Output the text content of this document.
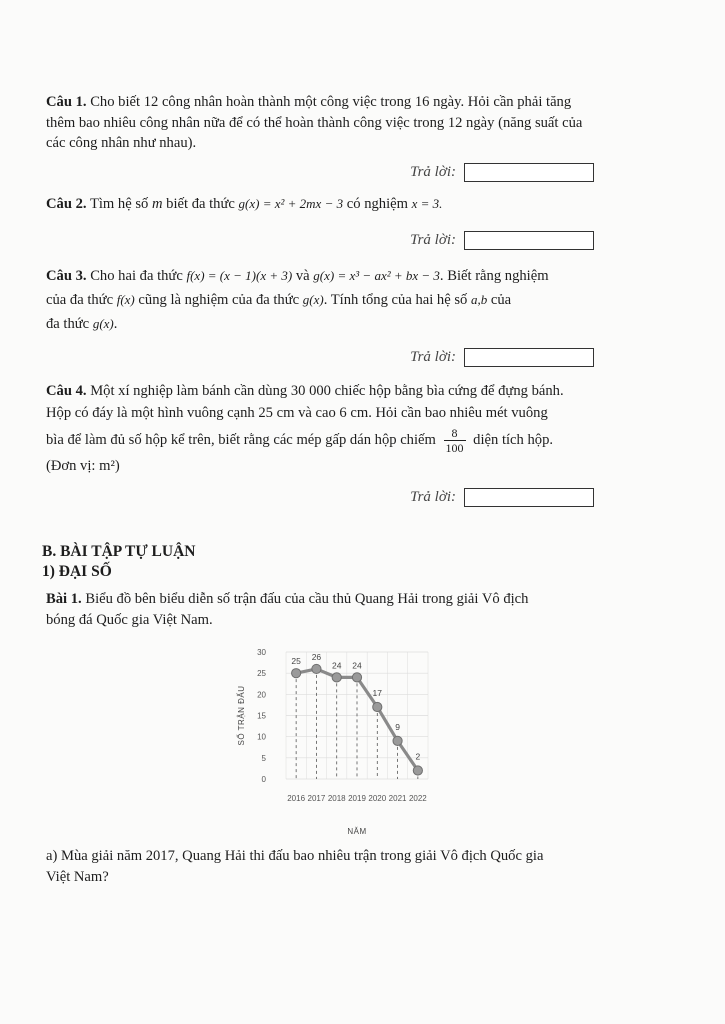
Câu 1. Cho biết 12 công nhân hoàn thành một công việc trong 16 ngày. Hỏi cần phải tăng
thêm bao nhiêu công nhân nữa để có thể hoàn thành công việc trong 12 ngày (năng suất của
các công nhân như nhau).
Trả lời:
Câu 2. Tìm hệ số m biết đa thức g(x) = x² + 2mx − 3 có nghiệm x = 3.
Trả lời:
Câu 3. Cho hai đa thức f(x) = (x − 1)(x + 3) và g(x) = x³ − ax² + bx − 3. Biết rằng nghiệm
của đa thức f(x) cũng là nghiệm của đa thức g(x). Tính tổng của hai hệ số a,b của
đa thức g(x).
Trả lời:
Câu 4. Một xí nghiệp làm bánh cần dùng 30 000 chiếc hộp bằng bìa cứng để đựng bánh.
Hộp có đáy là một hình vuông cạnh 25 cm và cao 6 cm. Hỏi cần bao nhiêu mét vuông
bìa để làm đủ số hộp kể trên, biết rằng các mép gấp dán hộp chiếm $\frac{8}{100}$ diện tích hộp.
(Đơn vị: m²)
Trả lời:
B. BÀI TẬP TỰ LUẬN
1) ĐẠI SỐ
Bài 1. Biểu đồ bên biểu diễn số trận đấu của cầu thủ Quang Hải trong giải Vô địch
bóng đá Quốc gia Việt Nam.
SỐ TRẬN ĐẤU
NĂM
0
5
10
15
20
25
30
2016 2017 2018 2019 2020 2021 2022
25 26
24 24
17
9
2
a) Mùa giải năm 2017, Quang Hải thi đấu bao nhiêu trận trong giải Vô địch Quốc gia
Việt Nam?
